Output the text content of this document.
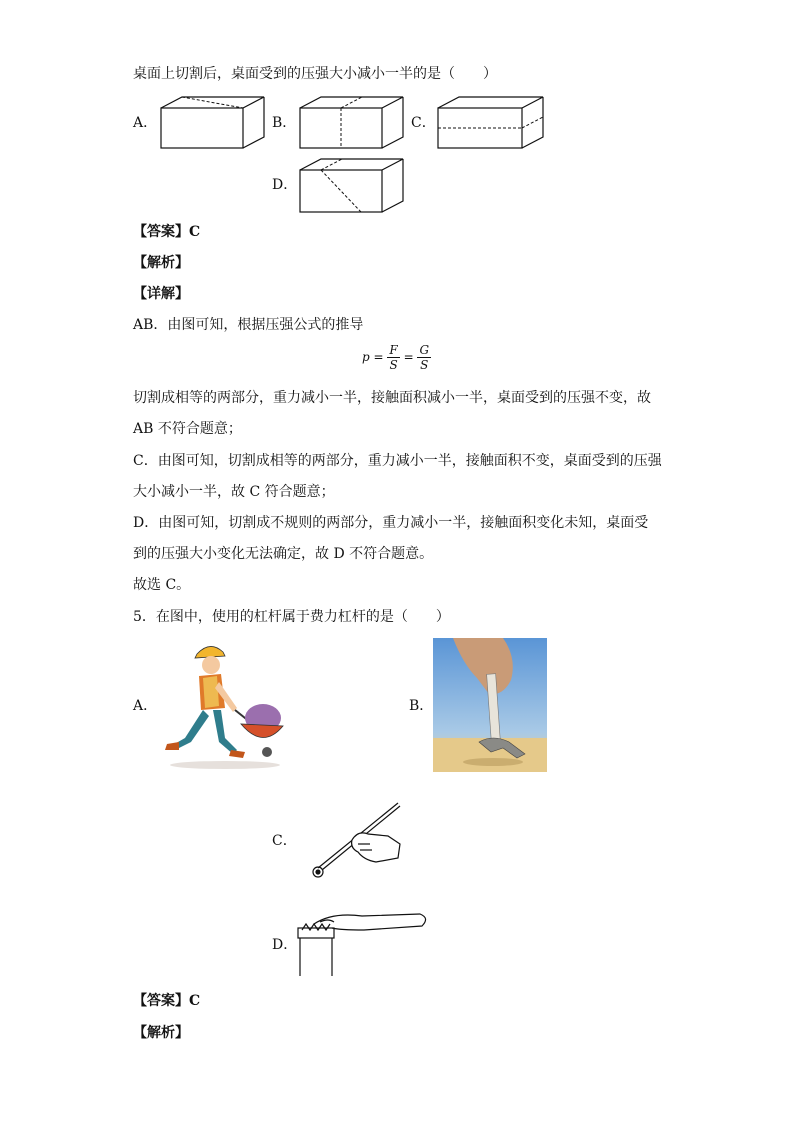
桌面上切割后，桌面受到的压强大小减小一半的是（　　）
A．	B．	C．
D．
【答案】C
【解析】
【详解】
AB．由图可知，根据压强公式的推导
$p = \frac{F}{S} = \frac{G}{S}$
切割成相等的两部分，重力减小一半，接触面积减小一半，桌面受到的压强不变，故
AB 不符合题意；
C．由图可知，切割成相等的两部分，重力减小一半，接触面积不变，桌面受到的压强
大小减小一半，故 C 符合题意；
D．由图可知，切割成不规则的两部分，重力减小一半，接触面积变化未知，桌面受
到的压强大小变化无法确定，故 D 不符合题意。
故选 C。
5．在图中，使用的杠杆属于费力杠杆的是（　　）
A．	B．
C．
D．
【答案】C
【解析】
